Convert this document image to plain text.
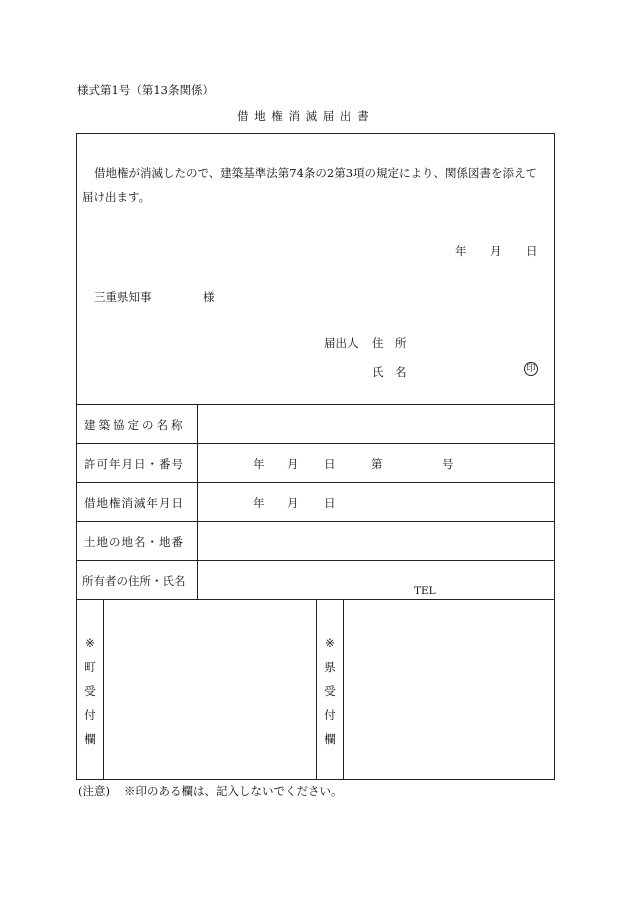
様式第1号（第13条関係）
借 地 権 消 滅 届 出 書
借地権が消滅したので、建築基準法第74条の2第3項の規定により、関係図書を添えて
届け出ます。
年 月 日
三重県知事	様
届出人 住　所
氏　名	印
建築協定の名称
許可年月日・番号	年 月 日	第	号
借地権消滅年月日	年 月 日
土地の地名・地番
所有者の住所・氏名
TEL
※
町
受
付
欄
※
県
受
付
欄
(注意) ※印のある欄は、記入しないでください。
